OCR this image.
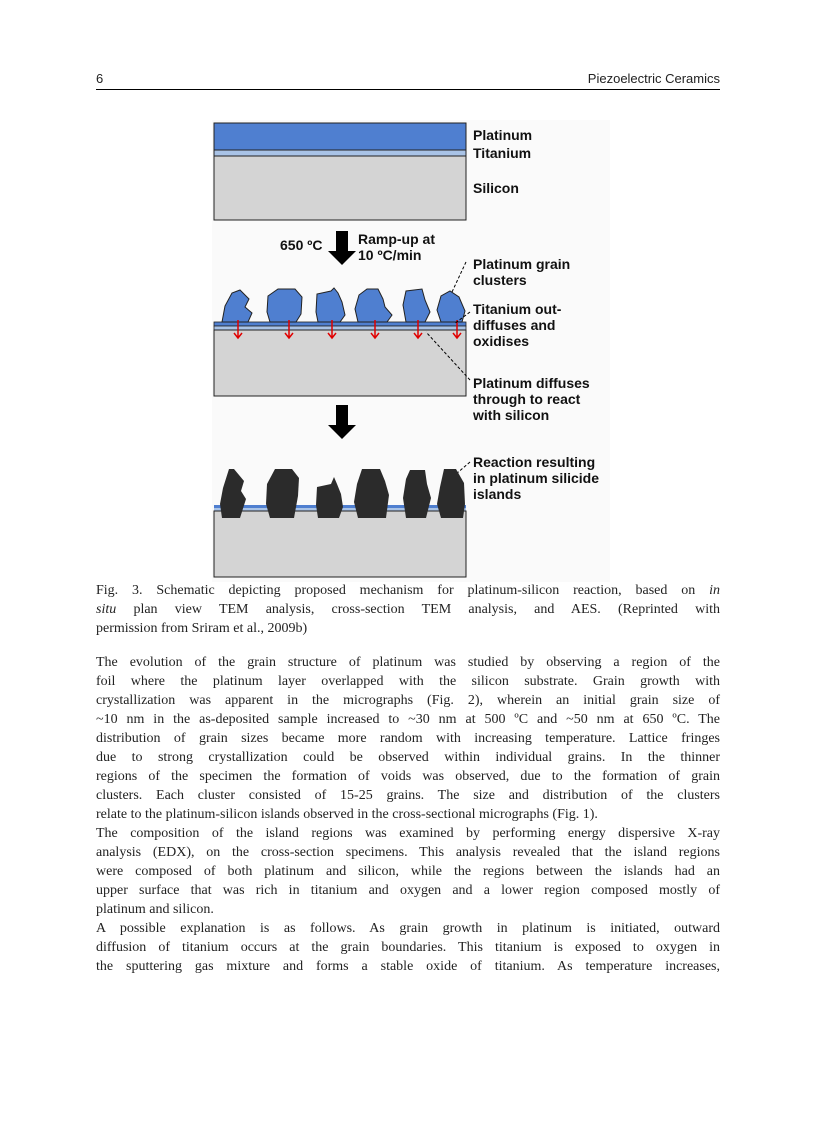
6	Piezoelectric Ceramics
Platinum
Titanium
Silicon
650 ºC	Ramp-up at
10 ºC/min
Platinum grain
clusters
Titanium out-
diffuses and
oxidises
Platinum diffuses
through to react
with silicon
Reaction resulting
in platinum silicide
islands
Fig. 3. Schematic depicting proposed mechanism for platinum-silicon reaction, based on in
situ plan view TEM analysis, cross-section TEM analysis, and AES. (Reprinted with
permission from Sriram et al., 2009b)
The evolution of the grain structure of platinum was studied by observing a region of the
foil where the platinum layer overlapped with the silicon substrate. Grain growth with
crystallization was apparent in the micrographs (Fig. 2), wherein an initial grain size of
~10 nm in the as-deposited sample increased to ~30 nm at 500 ºC and ~50 nm at 650 ºC. The
distribution of grain sizes became more random with increasing temperature. Lattice fringes
due to strong crystallization could be observed within individual grains. In the thinner
regions of the specimen the formation of voids was observed, due to the formation of grain
clusters. Each cluster consisted of 15-25 grains. The size and distribution of the clusters
relate to the platinum-silicon islands observed in the cross-sectional micrographs (Fig. 1).
The composition of the island regions was examined by performing energy dispersive X-ray
analysis (EDX), on the cross-section specimens. This analysis revealed that the island regions
were composed of both platinum and silicon, while the regions between the islands had an
upper surface that was rich in titanium and oxygen and a lower region composed mostly of
platinum and silicon.
A possible explanation is as follows. As grain growth in platinum is initiated, outward
diffusion of titanium occurs at the grain boundaries. This titanium is exposed to oxygen in
the sputtering gas mixture and forms a stable oxide of titanium. As temperature increases,
